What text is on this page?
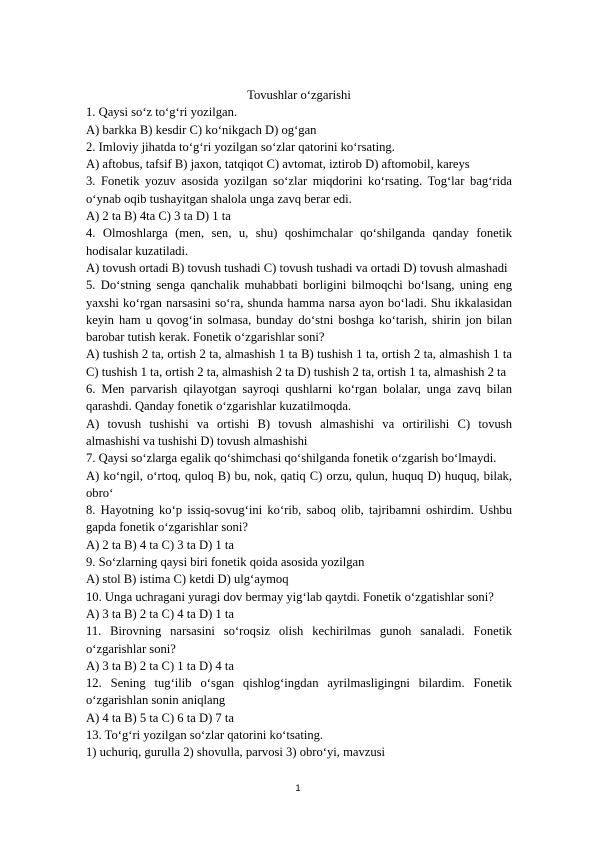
Tovushlar o‘zgarishi

1. Qaysi so‘z to‘g‘ri yozilgan.

A) barkka B) kesdir C) ko‘nikgach D) og‘gan

2. Imloviy jihatda to‘g‘ri yozilgan so‘zlar qatorini ko‘rsating.

A) aftobus, tafsif B) jaxon, tatqiqot C) avtomat, iztirob D) aftomobil, kareys

3. Fonetik yozuv asosida yozilgan so‘zlar miqdorini ko‘rsating. Tog‘lar bag‘rida o‘ynab oqib tushayitgan shalola unga zavq berar edi.

A) 2 ta B) 4ta C) 3 ta D) 1 ta

4. Olmoshlarga (men, sen, u, shu) qoshimchalar qo‘shilganda qanday fonetik hodisalar kuzatiladi.

A) tovush ortadi B) tovush tushadi C) tovush tushadi va ortadi D) tovush almashadi

5. Do‘stning senga qanchalik muhabbati borligini bilmoqchi bo‘lsang, uning eng yaxshi ko‘rgan narsasini so‘ra, shunda hamma narsa ayon bo‘ladi. Shu ikkalasidan keyin ham u qovog‘in solmasa, bunday do‘stni boshga ko‘tarish, shirin jon bilan barobar tutish kerak. Fonetik o‘zgarishlar soni?

A) tushish 2 ta, ortish 2 ta, almashish 1 ta B) tushish 1 ta, ortish 2 ta, almashish 1 ta C) tushish 1 ta, ortish 2 ta, almashish 2 ta D) tushish 2 ta, ortish 1 ta, almashish 2 ta

6. Men parvarish qilayotgan sayroqi qushlarni ko‘rgan bolalar, unga zavq bilan qarashdi. Qanday fonetik o‘zgarishlar kuzatilmoqda.

A) tovush tushishi va ortishi B) tovush almashishi va ortirilishi C) tovush almashishi va tushishi D) tovush almashishi

7. Qaysi so‘zlarga egalik qo‘shimchasi qo‘shilganda fonetik o‘zgarish bo‘lmaydi.

A) ko‘ngil, o‘rtoq, quloq B) bu, nok, qatiq C) orzu, qulun, huquq D) huquq, bilak, obro‘

8. Hayotning ko‘p issiq-sovug‘ini ko‘rib, saboq olib, tajribamni oshirdim. Ushbu gapda fonetik o‘zgarishlar soni?

A) 2 ta B) 4 ta C) 3 ta D) 1 ta

9. So‘zlarning qaysi biri fonetik qoida asosida yozilgan

A) stol B) istima C) ketdi D) ulg‘aymoq

10. Unga uchragani yuragi dov bermay yig‘lab qaytdi. Fonetik o‘zgatishlar soni?

A) 3 ta B) 2 ta C) 4 ta D) 1 ta

11. Birovning narsasini so‘roqsiz olish kechirilmas gunoh sanaladi. Fonetik o‘zgarishlar soni?

A) 3 ta B) 2 ta C) 1 ta D) 4 ta

12. Sening tug‘ilib o‘sgan qishlog‘ingdan ayrilmasligingni bilardim. Fonetik o‘zgarishlan sonin aniqlang

A) 4 ta B) 5 ta C) 6 ta D) 7 ta

13. To‘g‘ri yozilgan so‘zlar qatorini ko‘tsating.

1) uchuriq, gurulla 2) shovulla, parvosi 3) obro‘yi, mavzusi

1
